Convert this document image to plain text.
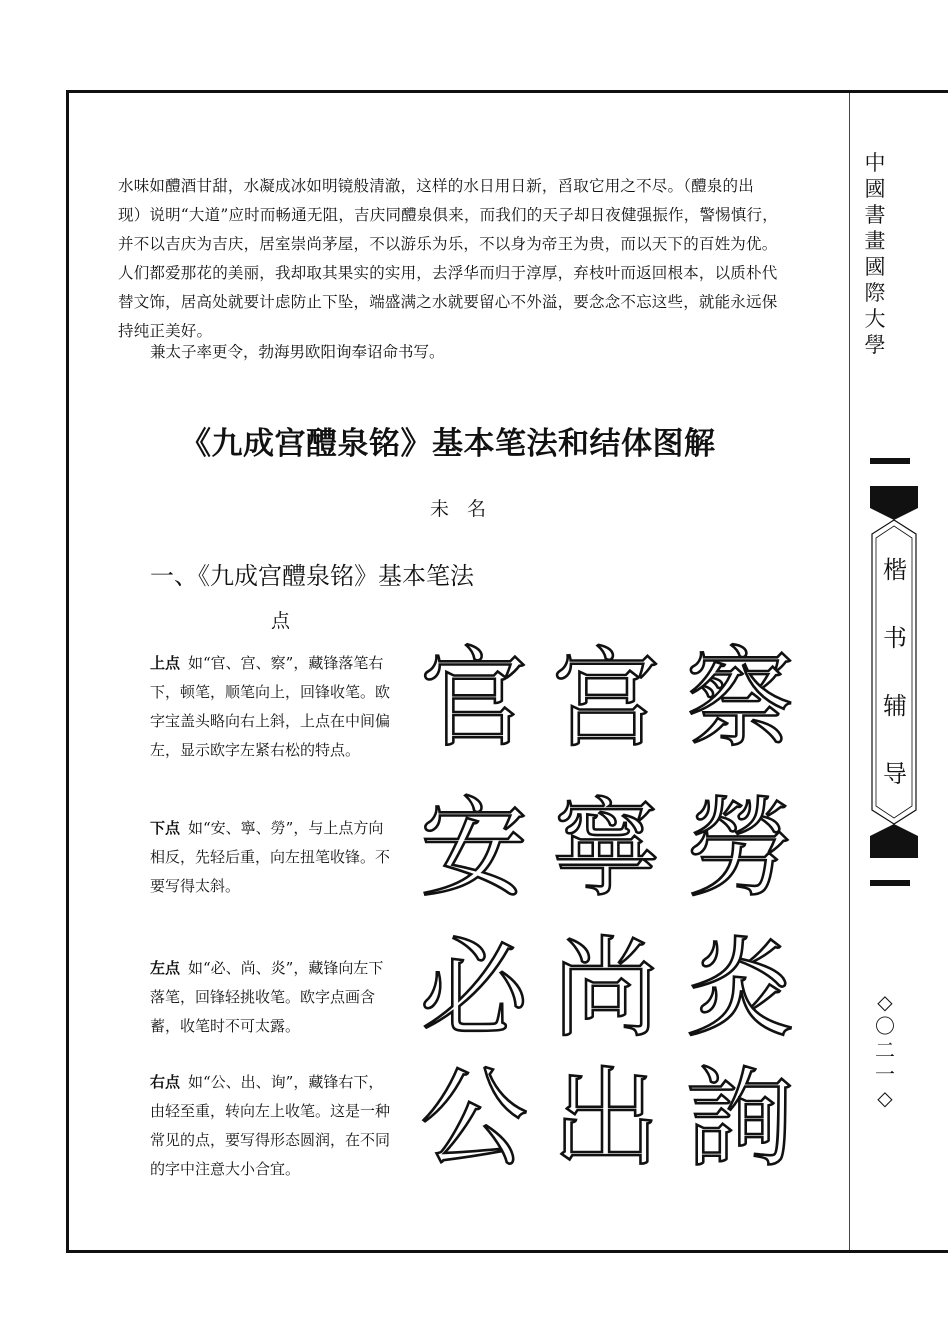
水味如醴酒甘甜，水凝成冰如明镜般清澈，这样的水日用日新，舀取它用之不尽。（醴泉的出

现）说明“大道”应时而畅通无阻，吉庆同醴泉俱来，而我们的天子却日夜健强振作，警惕慎行，

并不以吉庆为吉庆，居室崇尚茅屋，不以游乐为乐，不以身为帝王为贵，而以天下的百姓为优。

人们都爱那花的美丽，我却取其果实的实用，去浮华而归于淳厚，弃枝叶而返回根本，以质朴代

替文饰，居高处就要计虑防止下坠，端盛满之水就要留心不外溢，要念念不忘这些，就能永远保

持纯正美好。

兼太子率更令，勃海男欧阳询奉诏命书写。
《九成宫醴泉铭》基本笔法和结体图解
未名
一、《九成宫醴泉铭》基本笔法
点
上点 如“官、宫、察”，藏锋落笔右下，顿笔，顺笔向上，回锋收笔。欧字宝盖头略向右上斜，上点在中间偏左，显示欧字左紧右松的特点。
下点 如“安、寧、勞”，与上点方向相反，先轻后重，向左扭笔收锋。不要写得太斜。
左点 如“必、尚、炎”，藏锋向左下落笔，回锋轻挑收笔。欧字点画含蓄，收笔时不可太露。
右点 如“公、出、询”，藏锋右下，由轻至重，转向左上收笔。这是一种常见的点，要写得形态圆润，在不同的字中注意大小合宜。
官 宫 察
安 寧 勞
必 尚 炎
公 出 詢
中
國
書
畫
國
際
大
學
楷
书
辅
导
◇
〇
二
一
◇
